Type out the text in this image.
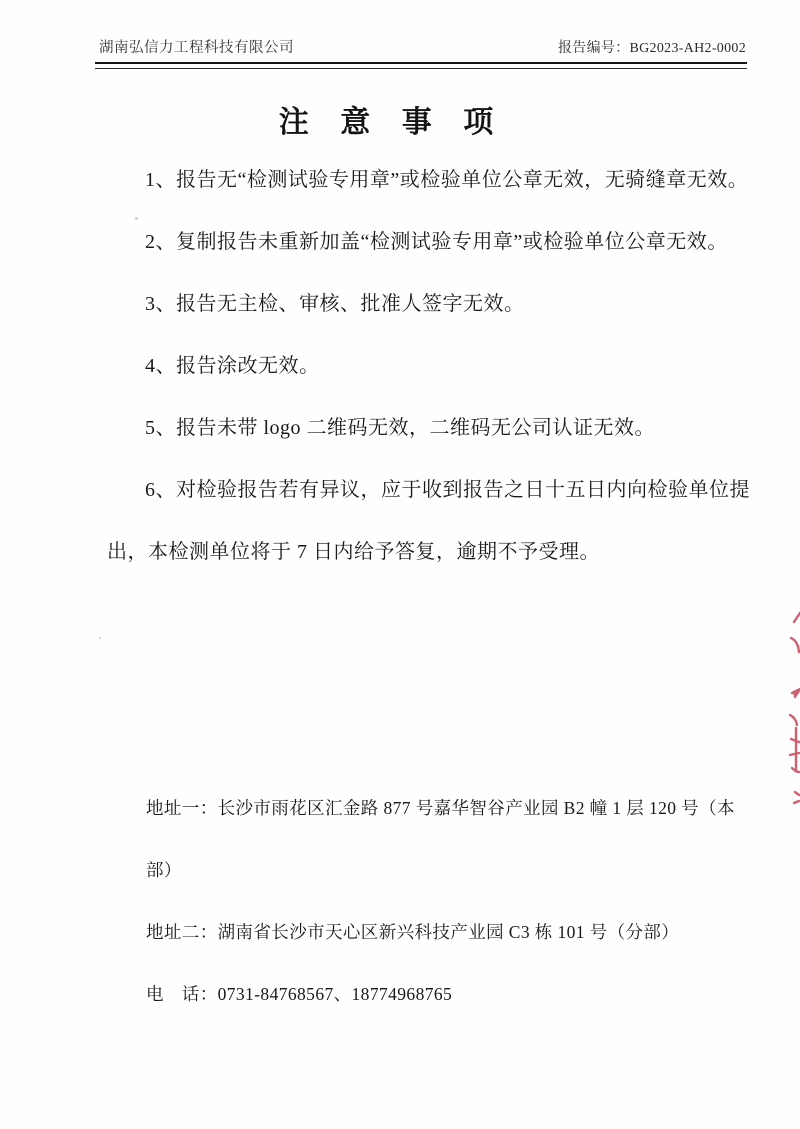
湖南弘信力工程科技有限公司	报告编号：BG2023-AH2-0002
注 意 事 项

1、报告无“检测试验专用章”或检验单位公章无效，无骑缝章无效。

2、复制报告未重新加盖“检测试验专用章”或检验单位公章无效。

3、报告无主检、审核、批准人签字无效。

4、报告涂改无效。

5、报告未带 logo 二维码无效，二维码无公司认证无效。

6、对检验报告若有异议，应于收到报告之日十五日内向检验单位提出，本检测单位将于 7 日内给予答复，逾期不予受理。

地址一：长沙市雨花区汇金路 877 号嘉华智谷产业园 B2 幢 1 层 120 号（本部）

地址二：湖南省长沙市天心区新兴科技产业园 C3 栋 101 号（分部）

电　话：0731-84768567、18774968765
